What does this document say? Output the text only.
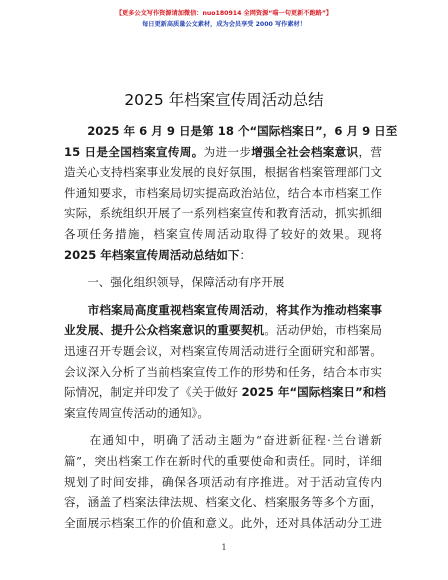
【更多公文写作资源请加微信：nuo180914 全网资源“喵一句更新不跑路”】
每日更新高质量公文素材，成为会员享受 2000 写作素材！
2025 年档案宣传周活动总结
　　2025 年 6 月 9 日是第 18 个“国际档案日”，6 月 9 日至
15 日是全国档案宣传周。为进一步增强全社会档案意识，营
造关心支持档案事业发展的良好氛围，根据省档案管理部门文
件通知要求，市档案局切实提高政治站位，结合本市档案工作
实际，系统组织开展了一系列档案宣传和教育活动，抓实抓细
各项任务措施，档案宣传周活动取得了较好的效果。现将
2025 年档案宣传周活动总结如下：
　　一、强化组织领导，保障活动有序开展
　　市档案局高度重视档案宣传周活动，将其作为推动档案事
业发展、提升公众档案意识的重要契机。活动伊始，市档案局
迅速召开专题会议，对档案宣传周活动进行全面研究和部署。
会议深入分析了当前档案宣传工作的形势和任务，结合本市实
际情况，制定并印发了《关于做好 2025 年“国际档案日”和档
案宣传周宣传活动的通知》。
　　在通知中，明确了活动主题为“奋进新征程·兰台谱新
篇”，突出档案工作在新时代的重要使命和责任。同时，详细
规划了时间安排，确保各项活动有序推进。对于活动宣传内
容，涵盖了档案法律法规、档案文化、档案服务等多个方面，
全面展示档案工作的价值和意义。此外，还对具体活动分工进
1
